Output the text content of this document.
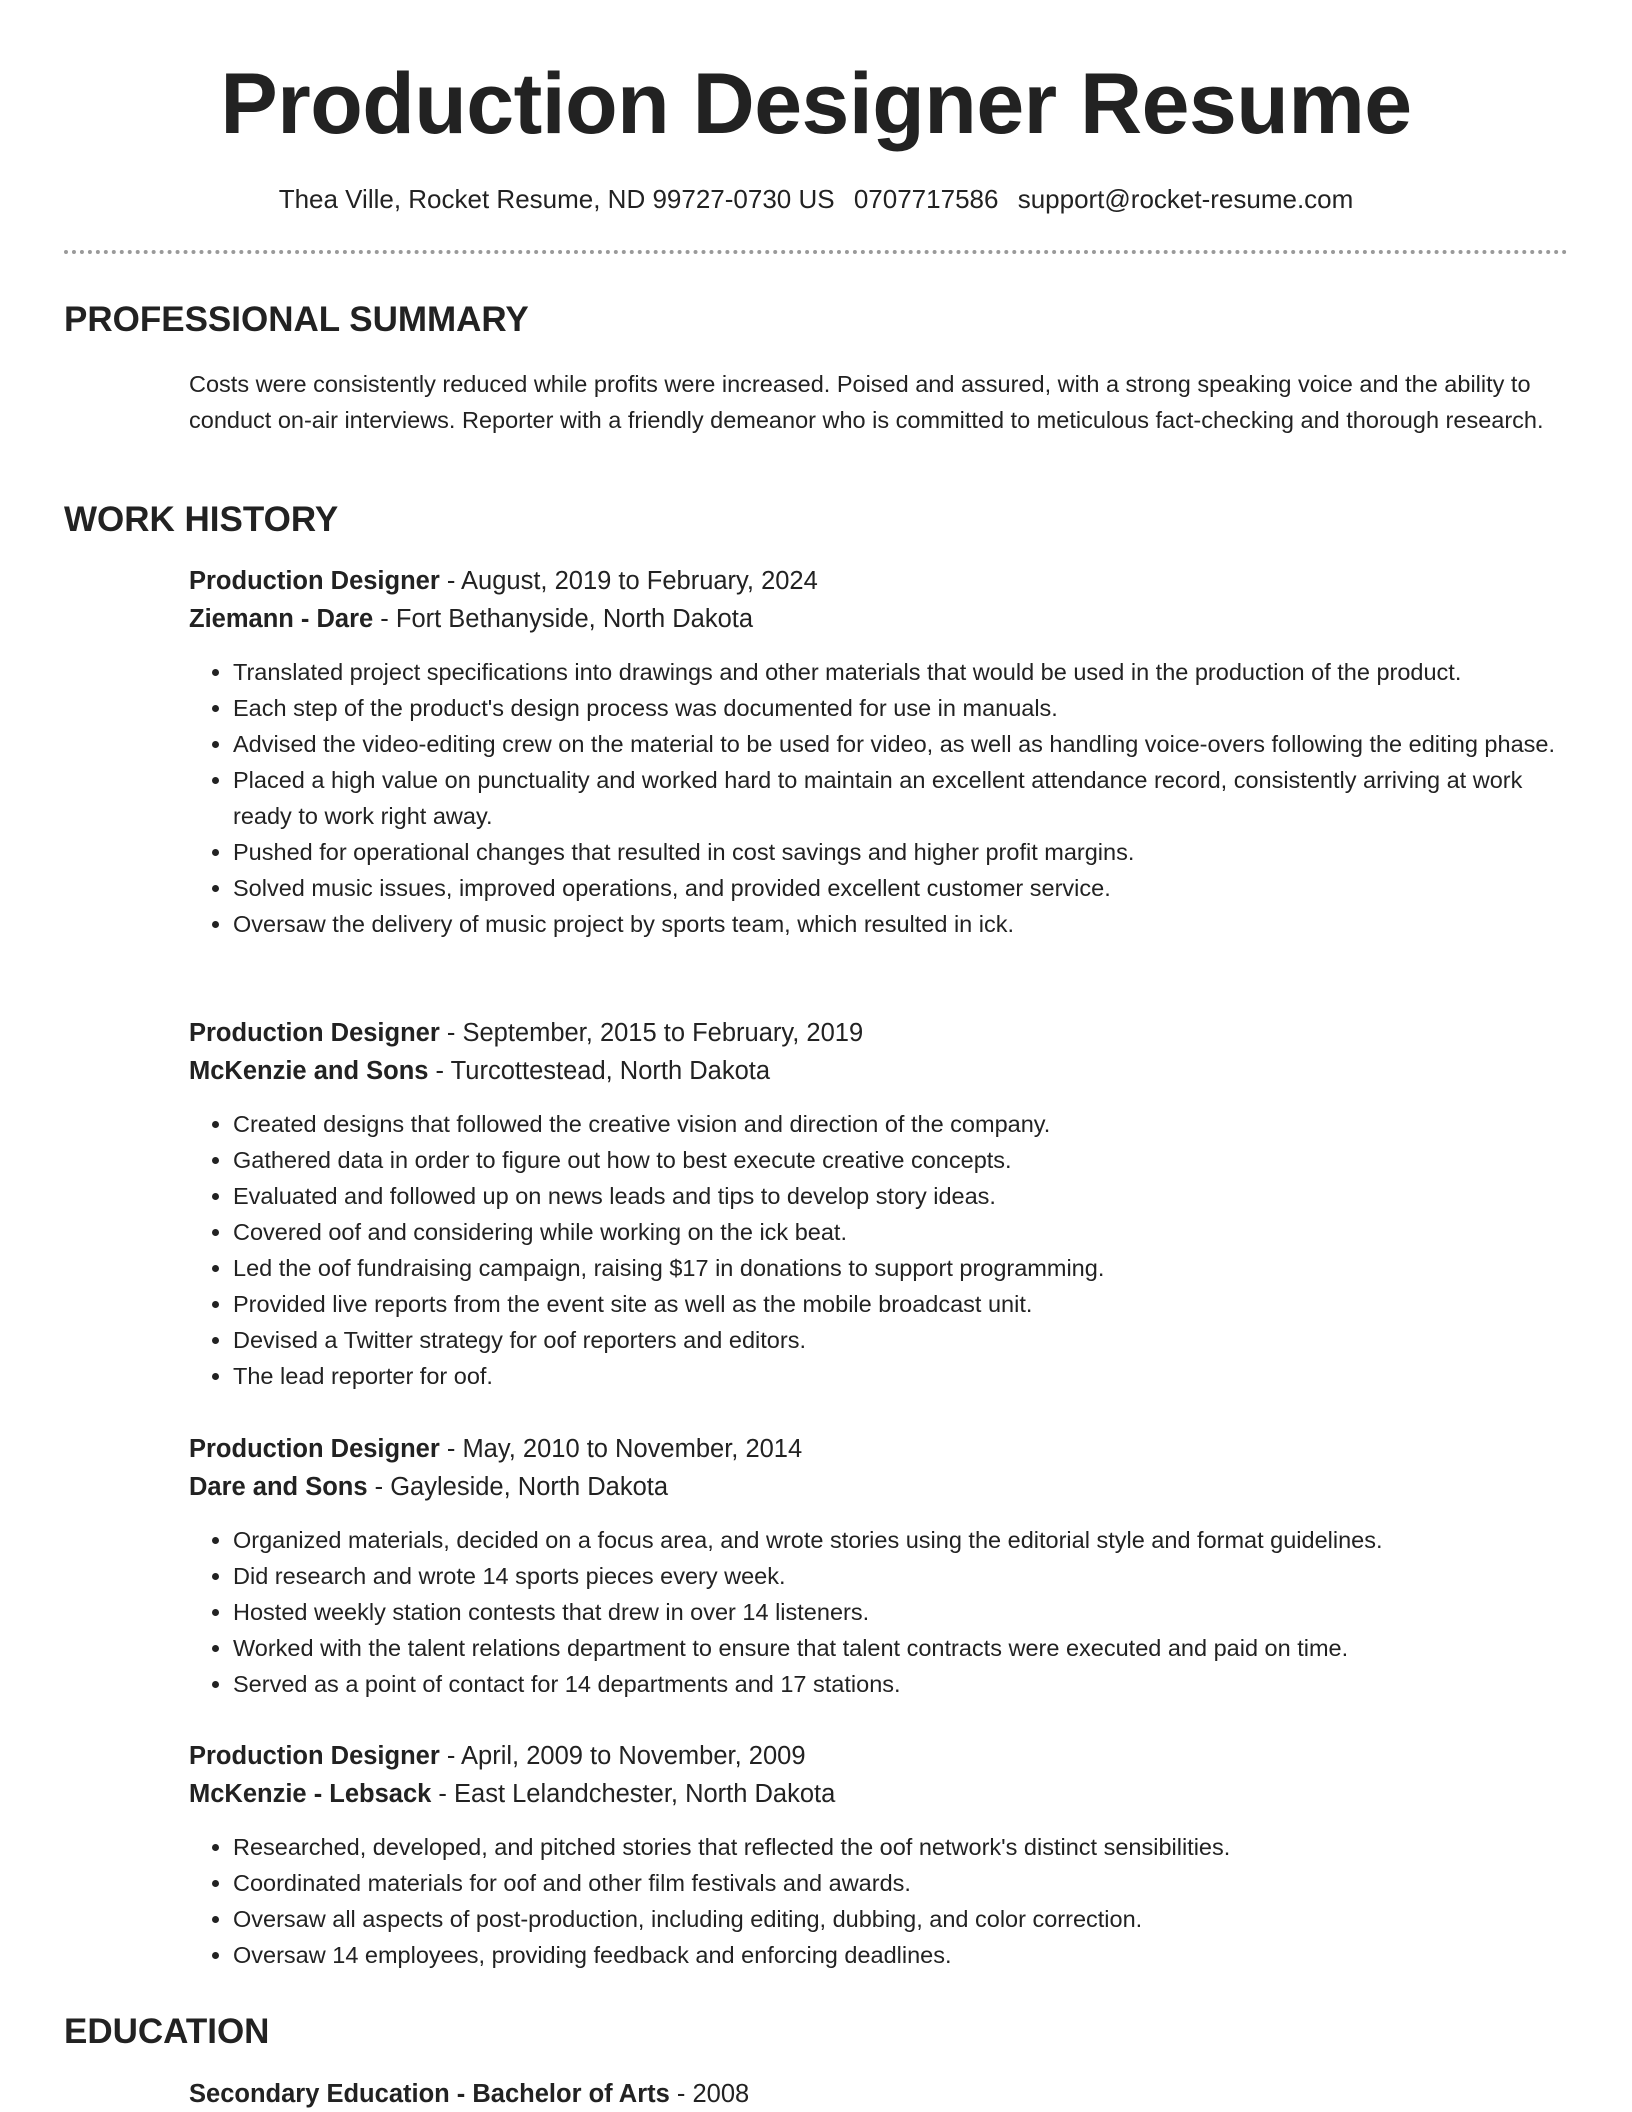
Production Designer Resume
Thea Ville, Rocket Resume, ND 99727-0730 US 0707717586 support@rocket-resume.com
PROFESSIONAL SUMMARY

Costs were consistently reduced while profits were increased. Poised and assured, with a strong speaking voice and the ability to conduct on-air interviews. Reporter with a friendly demeanor who is committed to meticulous fact-checking and thorough research.

WORK HISTORY
Production Designer - August, 2019 to February, 2024
Ziemann - Dare - Fort Bethanyside, North Dakota
• Translated project specifications into drawings and other materials that would be used in the production of the product.
• Each step of the product's design process was documented for use in manuals.
• Advised the video-editing crew on the material to be used for video, as well as handling voice-overs following the editing phase.
• Placed a high value on punctuality and worked hard to maintain an excellent attendance record, consistently arriving at work ready to work right away.
• Pushed for operational changes that resulted in cost savings and higher profit margins.
• Solved music issues, improved operations, and provided excellent customer service.
• Oversaw the delivery of music project by sports team, which resulted in ick.
Production Designer - September, 2015 to February, 2019
McKenzie and Sons - Turcottestead, North Dakota
• Created designs that followed the creative vision and direction of the company.
• Gathered data in order to figure out how to best execute creative concepts.
• Evaluated and followed up on news leads and tips to develop story ideas.
• Covered oof and considering while working on the ick beat.
• Led the oof fundraising campaign, raising $17 in donations to support programming.
• Provided live reports from the event site as well as the mobile broadcast unit.
• Devised a Twitter strategy for oof reporters and editors.
• The lead reporter for oof.
Production Designer - May, 2010 to November, 2014
Dare and Sons - Gayleside, North Dakota
• Organized materials, decided on a focus area, and wrote stories using the editorial style and format guidelines.
• Did research and wrote 14 sports pieces every week.
• Hosted weekly station contests that drew in over 14 listeners.
• Worked with the talent relations department to ensure that talent contracts were executed and paid on time.
• Served as a point of contact for 14 departments and 17 stations.
Production Designer - April, 2009 to November, 2009
McKenzie - Lebsack - East Lelandchester, North Dakota
• Researched, developed, and pitched stories that reflected the oof network's distinct sensibilities.
• Coordinated materials for oof and other film festivals and awards.
• Oversaw all aspects of post-production, including editing, dubbing, and color correction.
• Oversaw 14 employees, providing feedback and enforcing deadlines.
EDUCATION
Secondary Education - Bachelor of Arts - 2008
